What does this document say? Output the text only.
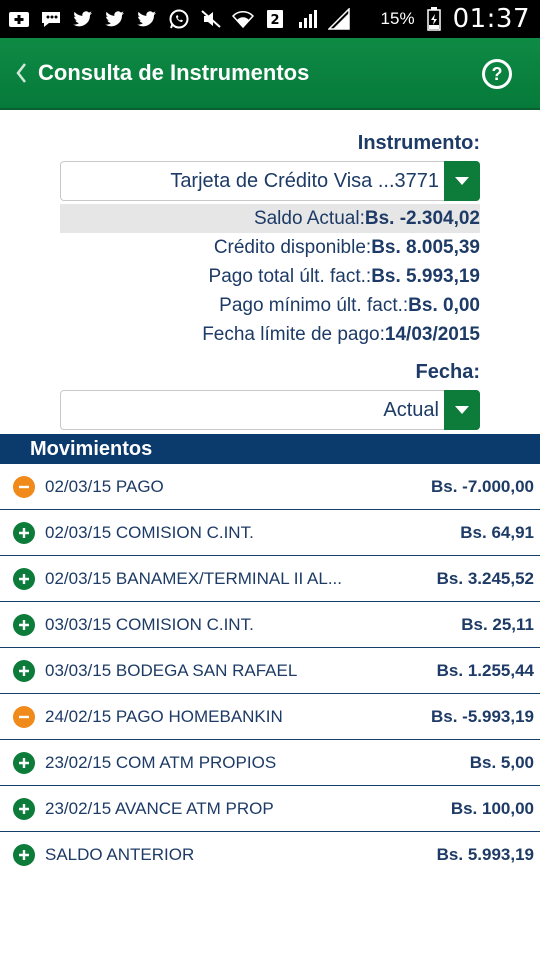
2	15% 01:37
Consulta de Instrumentos	?
Instrumento:
Tarjeta de Crédito Visa ...3771
Saldo Actual: Bs. -2.304,02
Crédito disponible: Bs. 8.005,39
Pago total últ. fact.: Bs. 5.993,19
Pago mínimo últ. fact.: Bs. 0,00
Fecha límite de pago: 14/03/2015
Fecha:
Actual
Movimientos
02/03/15 PAGO	Bs. -7.000,00
02/03/15 COMISION C.INT.	Bs. 64,91
02/03/15 BANAMEX/TERMINAL II AL...	Bs. 3.245,52
03/03/15 COMISION C.INT.	Bs. 25,11
03/03/15 BODEGA SAN RAFAEL	Bs. 1.255,44
24/02/15 PAGO HOMEBANKIN	Bs. -5.993,19
23/02/15 COM ATM PROPIOS	Bs. 5,00
23/02/15 AVANCE ATM PROP	Bs. 100,00
SALDO ANTERIOR	Bs. 5.993,19
